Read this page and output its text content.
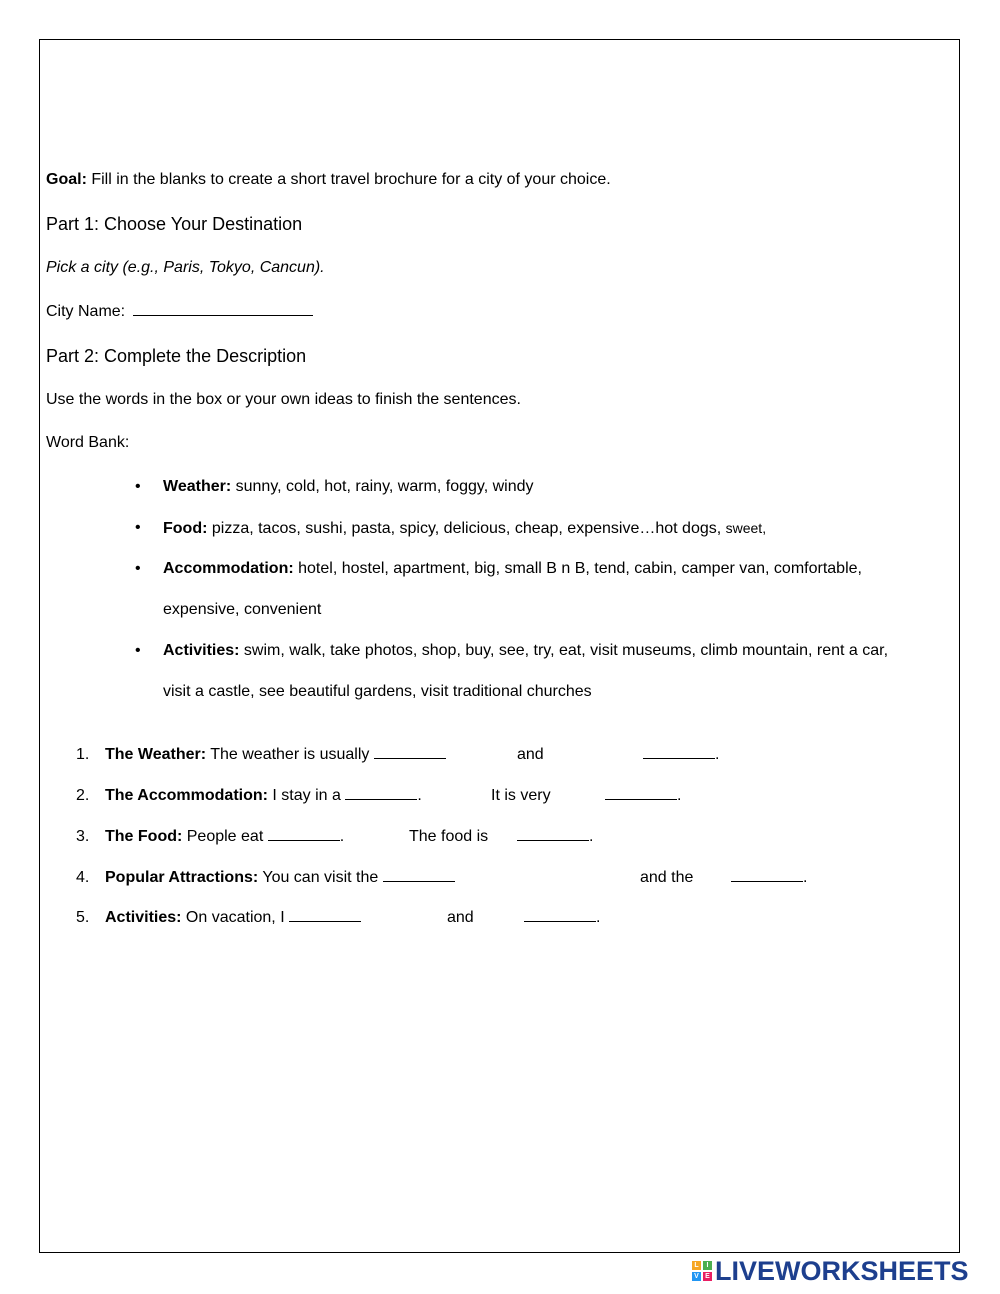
Goal: Fill in the blanks to create a short travel brochure for a city of your choice.
Part 1: Choose Your Destination
Pick a city (e.g., Paris, Tokyo, Cancun).
City Name:
Part 2: Complete the Description
Use the words in the box or your own ideas to finish the sentences.
Word Bank:
• Weather: sunny, cold, hot, rainy, warm, foggy, windy
• Food: pizza, tacos, sushi, pasta, spicy, delicious, cheap, expensive…hot dogs, sweet,
• Accommodation: hotel, hostel, apartment, big, small B n B, tend, cabin, camper van, comfortable,
expensive, convenient
• Activities: swim, walk, take photos, shop, buy, see, try, eat, visit museums, climb mountain, rent a car,
visit a castle, see beautiful gardens, visit traditional churches
1. The Weather: The weather is usually	and	.
2. The Accommodation: I stay in a	.	It is very	.
3. The Food: People eat	.	The food is	.
4. Popular Attractions: You can visit the	and the	.
5. Activities: On vacation, I	and	.
L	I
V E LIVEWORKSHEETS
